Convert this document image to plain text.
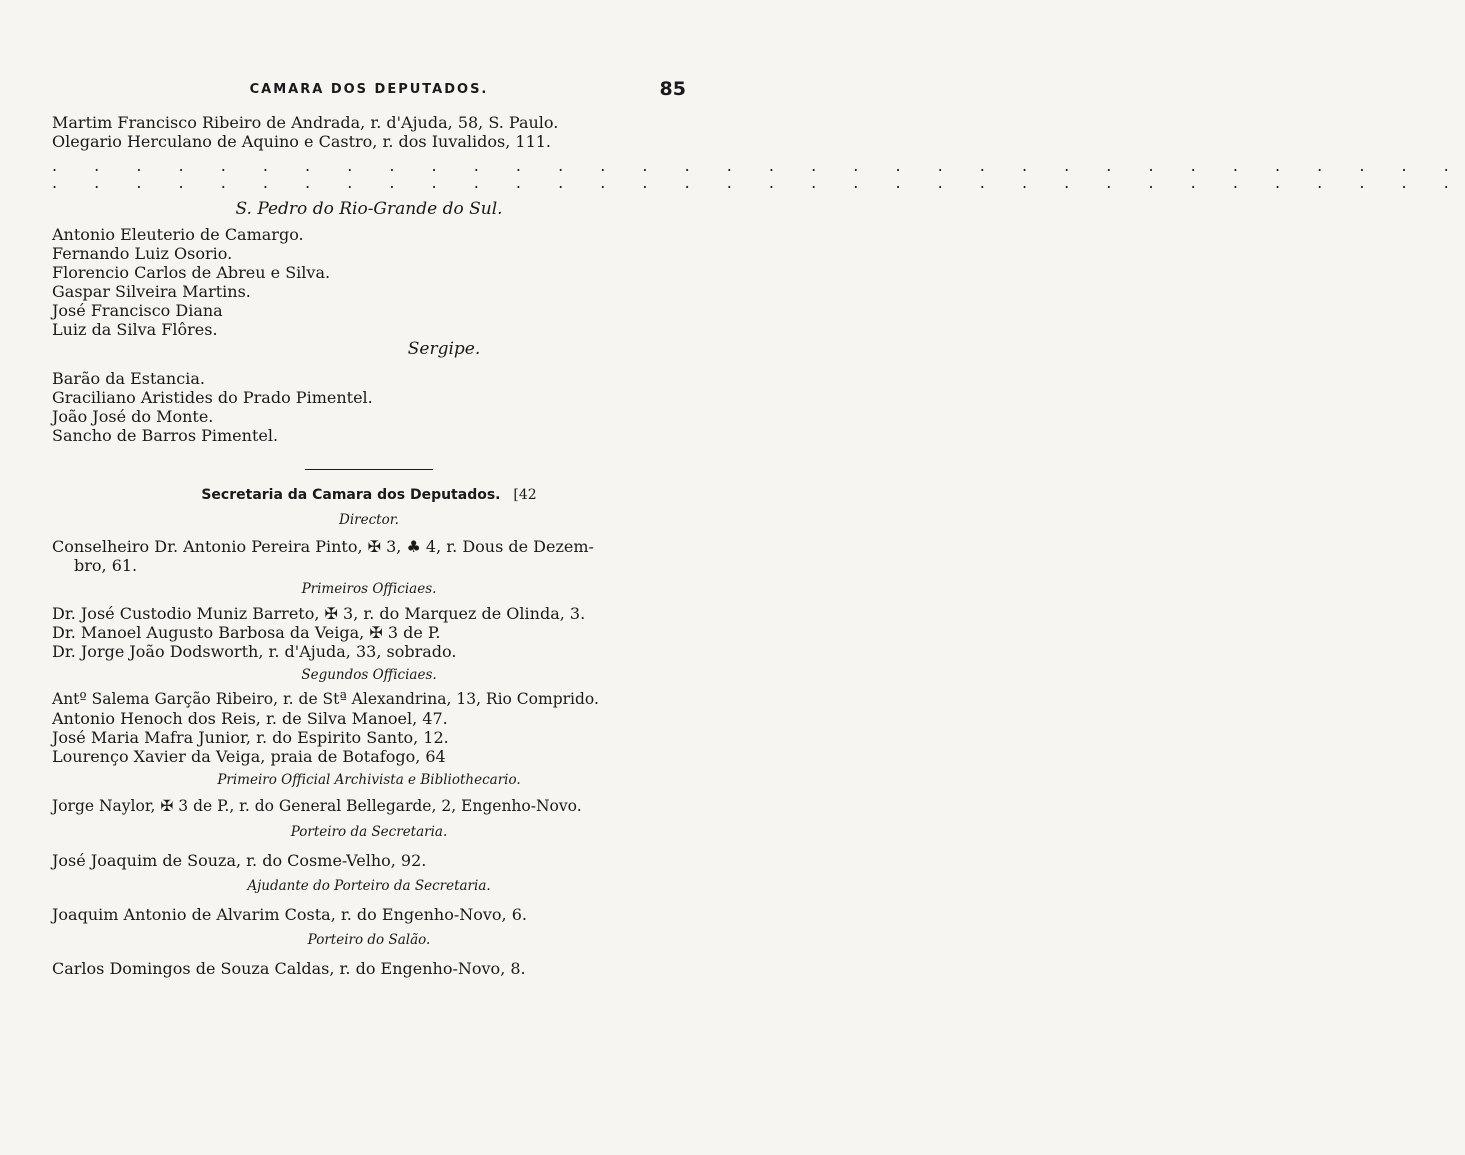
CAMARA DOS DEPUTADOS.	85
Martim Francisco Ribeiro de Andrada, r. d'Ajuda, 58, S. Paulo.
Olegario Herculano de Aquino e Castro, r. dos Iuvalidos, 111.
. . . . . . . . . . . . . . . . . . . . . . . . . . . . . . . . . .
. . . . . . . . . . . . . . . . . . . . . . . . . . . . . . . . . .
S. Pedro do Rio-Grande do Sul.
Antonio Eleuterio de Camargo.
Fernando Luiz Osorio.
Florencio Carlos de Abreu e Silva.
Gaspar Silveira Martins.
José Francisco Diana
Luiz da Silva Flôres.
Sergipe.
Barão da Estancia.
Graciliano Aristides do Prado Pimentel.
João José do Monte.
Sancho de Barros Pimentel.
Secretaria da Camara dos Deputados. [42
Director.
Conselheiro Dr. Antonio Pereira Pinto, ✠ 3, ♣ 4, r. Dous de Dezem-
bro, 61.
Primeiros Officiaes.
Dr. José Custodio Muniz Barreto, ✠ 3, r. do Marquez de Olinda, 3.
Dr. Manoel Augusto Barbosa da Veiga, ✠ 3 de P.
Dr. Jorge João Dodsworth, r. d'Ajuda, 33, sobrado.
Segundos Officiaes.
Antº Salema Garção Ribeiro, r. de Stª Alexandrina, 13, Rio Comprido.
Antonio Henoch dos Reis, r. de Silva Manoel, 47.
José Maria Mafra Junior, r. do Espirito Santo, 12.
Lourenço Xavier da Veiga, praia de Botafogo, 64
Primeiro Official Archivista e Bibliothecario.
Jorge Naylor, ✠ 3 de P., r. do General Bellegarde, 2, Engenho-Novo.
Porteiro da Secretaria.
José Joaquim de Souza, r. do Cosme-Velho, 92.
Ajudante do Porteiro da Secretaria.
Joaquim Antonio de Alvarim Costa, r. do Engenho-Novo, 6.
Porteiro do Salão.
Carlos Domingos de Souza Caldas, r. do Engenho-Novo, 8.
